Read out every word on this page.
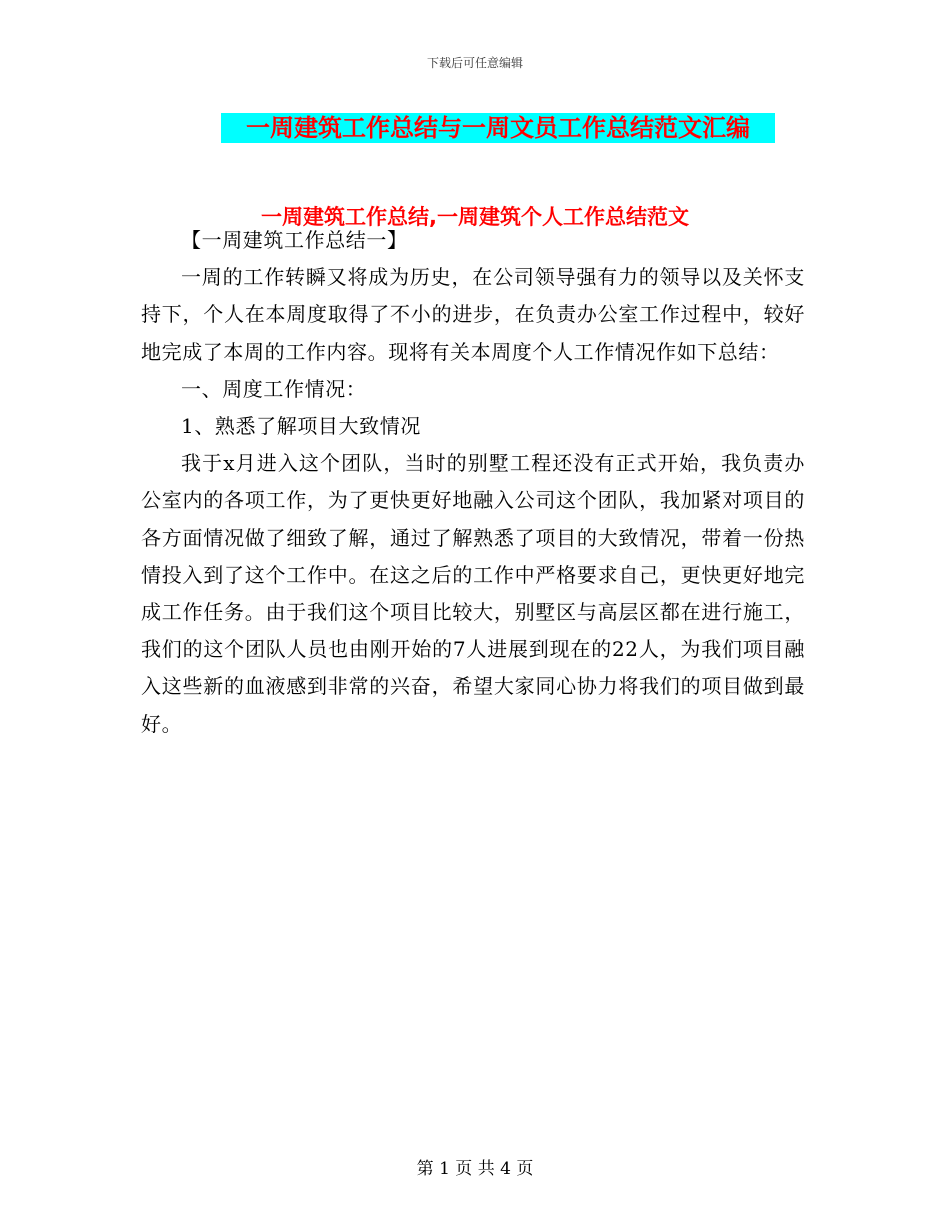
下载后可任意编辑
一周建筑工作总结与一周文员工作总结范文汇编
一周建筑工作总结,一周建筑个人工作总结范文

【一周建筑工作总结一】

一周的工作转瞬又将成为历史，在公司领导强有力的领导以及关怀支持下，个人在本周度取得了不小的进步，在负责办公室工作过程中，较好地完成了本周的工作内容。现将有关本周度个人工作情况作如下总结：

一、周度工作情况：

1、熟悉了解项目大致情况

我于x月进入这个团队，当时的别墅工程还没有正式开始，我负责办公室内的各项工作，为了更快更好地融入公司这个团队，我加紧对项目的各方面情况做了细致了解，通过了解熟悉了项目的大致情况，带着一份热情投入到了这个工作中。在这之后的工作中严格要求自己，更快更好地完成工作任务。由于我们这个项目比较大，别墅区与高层区都在进行施工，我们的这个团队人员也由刚开始的7人进展到现在的22人，为我们项目融入这些新的血液感到非常的兴奋，希望大家同心协力将我们的项目做到最好。

第 1 页 共 4 页
